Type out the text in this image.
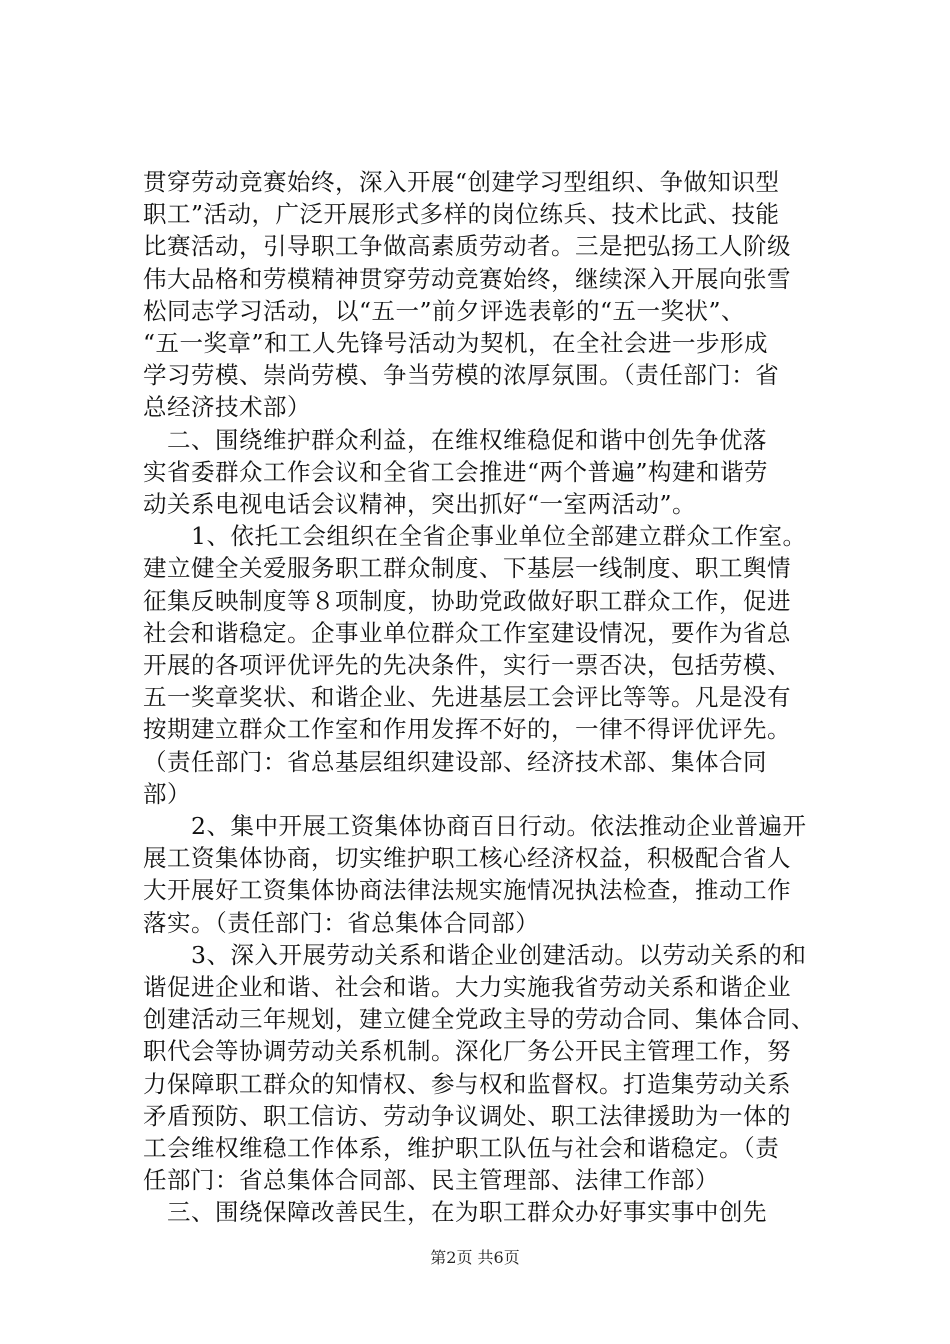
贯穿劳动竞赛始终，深入开展“创建学习型组织、争做知识型
职工”活动，广泛开展形式多样的岗位练兵、技术比武、技能
比赛活动，引导职工争做高素质劳动者。三是把弘扬工人阶级
伟大品格和劳模精神贯穿劳动竞赛始终，继续深入开展向张雪
松同志学习活动，以“五一”前夕评选表彰的“五一奖状”、
“五一奖章”和工人先锋号活动为契机，在全社会进一步形成
学习劳模、崇尚劳模、争当劳模的浓厚氛围。（责任部门：省
总经济技术部）
　二、围绕维护群众利益，在维权维稳促和谐中创先争优落
实省委群众工作会议和全省工会推进“两个普遍”构建和谐劳
动关系电视电话会议精神，突出抓好“一室两活动”。
　　1、依托工会组织在全省企事业单位全部建立群众工作室。
建立健全关爱服务职工群众制度、下基层一线制度、职工舆情
征集反映制度等８项制度，协助党政做好职工群众工作，促进
社会和谐稳定。企事业单位群众工作室建设情况，要作为省总
开展的各项评优评先的先决条件，实行一票否决，包括劳模、
五一奖章奖状、和谐企业、先进基层工会评比等等。凡是没有
按期建立群众工作室和作用发挥不好的，一律不得评优评先。
（责任部门：省总基层组织建设部、经济技术部、集体合同
部）
　　2、集中开展工资集体协商百日行动。依法推动企业普遍开
展工资集体协商，切实维护职工核心经济权益，积极配合省人
大开展好工资集体协商法律法规实施情况执法检查，推动工作
落实。（责任部门：省总集体合同部）
　　3、深入开展劳动关系和谐企业创建活动。以劳动关系的和
谐促进企业和谐、社会和谐。大力实施我省劳动关系和谐企业
创建活动三年规划，建立健全党政主导的劳动合同、集体合同、
职代会等协调劳动关系机制。深化厂务公开民主管理工作，努
力保障职工群众的知情权、参与权和监督权。打造集劳动关系
矛盾预防、职工信访、劳动争议调处、职工法律援助为一体的
工会维权维稳工作体系，维护职工队伍与社会和谐稳定。（责
任部门：省总集体合同部、民主管理部、法律工作部）
　三、围绕保障改善民生，在为职工群众办好事实事中创先
第2页 共6页
